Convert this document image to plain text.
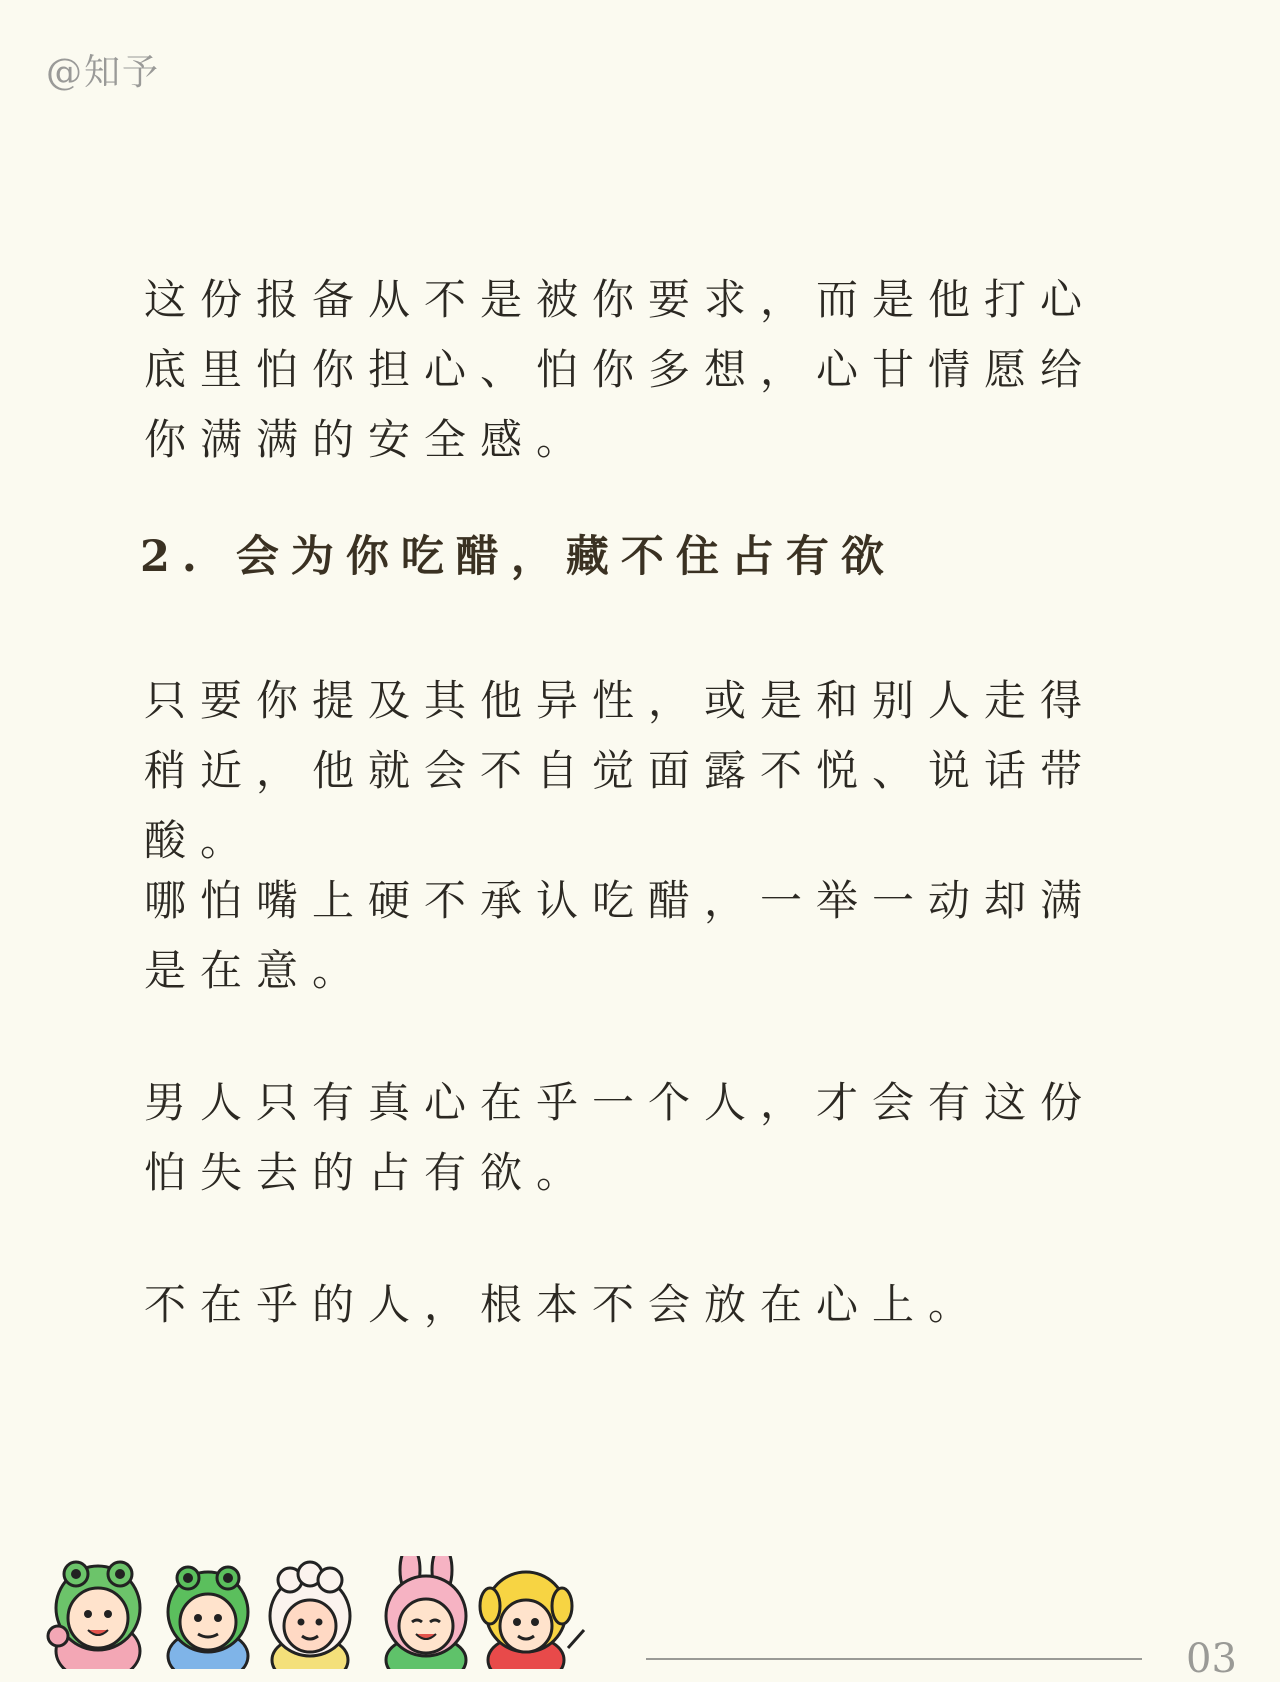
@知予

这份报备从不是被你要求，而是他打心底里怕你担心、怕你多想，心甘情愿给你满满的安全感。

2. 会为你吃醋，藏不住占有欲

只要你提及其他异性，或是和别人走得稍近，他就会不自觉面露不悦、说话带酸。

哪怕嘴上硬不承认吃醋，一举一动却满是在意。

男人只有真心在乎一个人，才会有这份怕失去的占有欲。

不在乎的人，根本不会放在心上。

03
